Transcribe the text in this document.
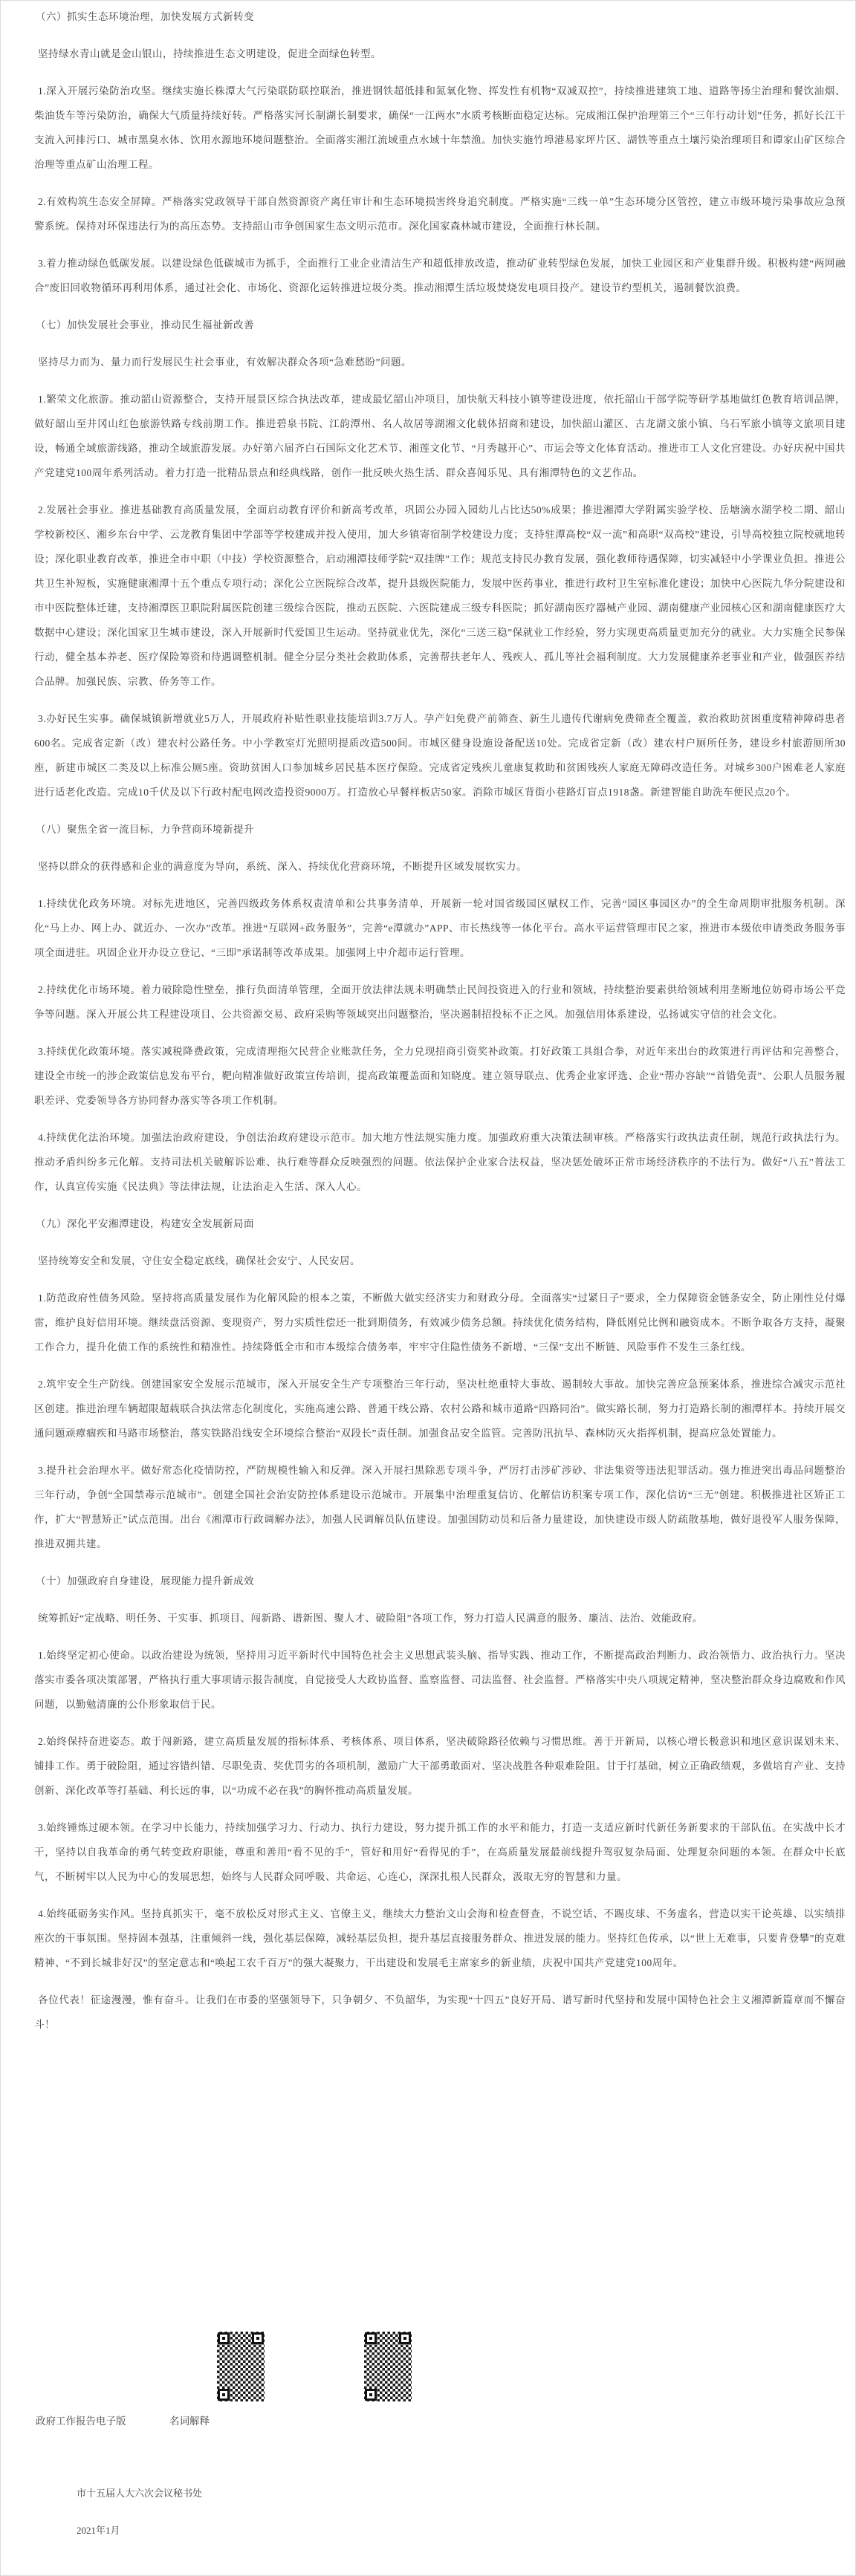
（六）抓实生态环境治理，加快发展方式新转变
坚持绿水青山就是金山银山，持续推进生态文明建设，促进全面绿色转型。
1.深入开展污染防治攻坚。继续实施长株潭大气污染联防联控联治，推进钢铁超低排和氮氧化物、挥发性有机物“双减双控”，持续推进建筑工地、道路等扬尘治理和餐饮油烟、柴油货车等污染防治，确保大气质量持续好转。严格落实河长制湖长制要求，确保“一江两水”水质考核断面稳定达标。完成湘江保护治理第三个“三年行动计划”任务，抓好长江干支流入河排污口、城市黑臭水体、饮用水源地环境问题整治。全面落实湘江流域重点水域十年禁渔。加快实施竹埠港易家坪片区、湖铁等重点土壤污染治理项目和谭家山矿区综合治理等重点矿山治理工程。
2.有效构筑生态安全屏障。严格落实党政领导干部自然资源资产离任审计和生态环境损害终身追究制度。严格实施“三线一单”生态环境分区管控，建立市级环境污染事故应急预警系统。保持对环保违法行为的高压态势。支持韶山市争创国家生态文明示范市。深化国家森林城市建设，全面推行林长制。
3.着力推动绿色低碳发展。以建设绿色低碳城市为抓手，全面推行工业企业清洁生产和超低排放改造，推动矿业转型绿色发展，加快工业园区和产业集群升级。积极构建“两网融合”废旧回收物循环再利用体系，通过社会化、市场化、资源化运转推进垃圾分类。推动湘潭生活垃圾焚烧发电项目投产。建设节约型机关，遏制餐饮浪费。
（七）加快发展社会事业，推动民生福祉新改善
坚持尽力而为、量力而行发展民生社会事业，有效解决群众各项“急难愁盼”问题。
1.繁荣文化旅游。推动韶山资源整合，支持开展景区综合执法改革，建成最忆韶山冲项目，加快航天科技小镇等建设进度，依托韶山干部学院等研学基地做红色教育培训品牌，做好韶山至井冈山红色旅游铁路专线前期工作。推进碧泉书院、江韵潭州、名人故居等湖湘文化载体招商和建设，加快韶山灌区、古龙湖文旅小镇、乌石军旅小镇等文旅项目建设，畅通全域旅游线路，推动全域旅游发展。办好第六届齐白石国际文化艺术节、湘莲文化节、“月秀越开心”、市运会等文化体育活动。推进市工人文化宫建设。办好庆祝中国共产党建党100周年系列活动。着力打造一批精品景点和经典线路，创作一批反映火热生活、群众喜闻乐见、具有湘潭特色的文艺作品。
2.发展社会事业。推进基础教育高质量发展，全面启动教育评价和新高考改革，巩固公办园入园幼儿占比达50%成果；推进湘潭大学附属实验学校、岳塘滴水湖学校二期、韶山学校新校区、湘乡东台中学、云龙教育集团中学部等学校建成并投入使用，加大乡镇寄宿制学校建设力度；支持驻潭高校“双一流”和高职“双高校”建设，引导高校独立院校就地转设；深化职业教育改革，推进全市中职（中技）学校资源整合，启动湘潭技师学院“双挂牌”工作；规范支持民办教育发展，强化教师待遇保障，切实减轻中小学课业负担。推进公共卫生补短板，实施健康湘潭十五个重点专项行动；深化公立医院综合改革，提升县级医院能力，发展中医药事业，推进行政村卫生室标准化建设；加快中心医院九华分院建设和市中医院整体迁建，支持湘潭医卫职院附属医院创建三级综合医院，推动五医院、六医院建成三级专科医院；抓好湖南医疗器械产业园、湖南健康产业园核心区和湖南健康医疗大数据中心建设；深化国家卫生城市建设，深入开展新时代爱国卫生运动。坚持就业优先，深化“三送三稳”保就业工作经验，努力实现更高质量更加充分的就业。大力实施全民参保行动，健全基本养老、医疗保险筹资和待遇调整机制。健全分层分类社会救助体系，完善帮扶老年人、残疾人、孤儿等社会福利制度。大力发展健康养老事业和产业，做强医养结合品牌。加强民族、宗教、侨务等工作。
3.办好民生实事。确保城镇新增就业5万人，开展政府补贴性职业技能培训3.7万人。孕产妇免费产前筛查、新生儿遗传代谢病免费筛查全覆盖，救治救助贫困重度精神障碍患者600名。完成省定新（改）建农村公路任务。中小学教室灯光照明提质改造500间。市城区健身设施设备配送10处。完成省定新（改）建农村户厕所任务，建设乡村旅游厕所30座，新建市城区二类及以上标准公厕5座。资助贫困人口参加城乡居民基本医疗保险。完成省定残疾儿童康复救助和贫困残疾人家庭无障碍改造任务。对城乡300户困难老人家庭进行适老化改造。完成10千伏及以下行政村配电网改造投资9000万。打造放心早餐样板店50家。消除市城区背街小巷路灯盲点1918盏。新建智能自助洗车便民点20个。
（八）聚焦全省一流目标，力争营商环境新提升
坚持以群众的获得感和企业的满意度为导向，系统、深入、持续优化营商环境，不断提升区域发展软实力。
1.持续优化政务环境。对标先进地区，完善四级政务体系权责清单和公共事务清单，开展新一轮对国省级园区赋权工作，完善“园区事园区办”的全生命周期审批服务机制。深化“马上办、网上办、就近办、一次办”改革。推进“互联网+政务服务”，完善“e潭就办”APP、市长热线等一体化平台。高水平运营管理市民之家，推进市本级依申请类政务服务事项全面进驻。巩固企业开办设立登记、“三即”承诺制等改革成果。加强网上中介超市运行管理。
2.持续优化市场环境。着力破除隐性壁垒，推行负面清单管理，全面开放法律法规未明确禁止民间投资进入的行业和领域，持续整治要素供给领域利用垄断地位妨碍市场公平竞争等问题。深入开展公共工程建设项目、公共资源交易、政府采购等领域突出问题整治，坚决遏制招投标不正之风。加强信用体系建设，弘扬诚实守信的社会文化。
3.持续优化政策环境。落实减税降费政策，完成清理拖欠民营企业账款任务，全力兑现招商引资奖补政策。打好政策工具组合拳，对近年来出台的政策进行再评估和完善整合，建设全市统一的涉企政策信息发布平台，靶向精准做好政策宣传培训，提高政策覆盖面和知晓度。建立领导联点、优秀企业家评选、企业“帮办容缺”“首错免责”、公职人员服务履职差评、党委领导各方协同督办落实等各项工作机制。
4.持续优化法治环境。加强法治政府建设，争创法治政府建设示范市。加大地方性法规实施力度。加强政府重大决策法制审核。严格落实行政执法责任制，规范行政执法行为。推动矛盾纠纷多元化解。支持司法机关破解诉讼难、执行难等群众反映强烈的问题。依法保护企业家合法权益，坚决惩处破坏正常市场经济秩序的不法行为。做好“八五”普法工作，认真宣传实施《民法典》等法律法规，让法治走入生活、深入人心。
（九）深化平安湘潭建设，构建安全发展新局面
坚持统筹安全和发展，守住安全稳定底线，确保社会安宁、人民安居。
1.防范政府性债务风险。坚持将高质量发展作为化解风险的根本之策，不断做大做实经济实力和财政分母。全面落实“过紧日子”要求，全力保障资金链条安全，防止刚性兑付爆雷，维护良好信用环境。继续盘活资源、变现资产，努力实质性偿还一批到期债务，有效减少债务总额。持续优化债务结构，降低刚兑比例和融资成本。不断争取各方支持，凝聚工作合力，提升化债工作的系统性和精准性。持续降低全市和市本级综合债务率，牢牢守住隐性债务不新增、“三保”支出不断链、风险事件不发生三条红线。
2.筑牢安全生产防线。创建国家安全发展示范城市，深入开展安全生产专项整治三年行动，坚决杜绝重特大事故、遏制较大事故。加快完善应急预案体系，推进综合减灾示范社区创建。推进治理车辆超限超载联合执法常态化制度化，实施高速公路、普通干线公路、农村公路和城市道路“四路同治”。做实路长制，努力打造路长制的湘潭样本。持续开展交通问题顽瘴痼疾和马路市场整治，落实铁路沿线安全环境综合整治“双段长”责任制。加强食品安全监管。完善防汛抗旱、森林防灭火指挥机制，提高应急处置能力。
3.提升社会治理水平。做好常态化疫情防控，严防规模性输入和反弹。深入开展扫黑除恶专项斗争，严厉打击涉矿涉砂、非法集资等违法犯罪活动。强力推进突出毒品问题整治三年行动，争创“全国禁毒示范城市”。创建全国社会治安防控体系建设示范城市。开展集中治理重复信访、化解信访积案专项工作，深化信访“三无”创建。积极推进社区矫正工作，扩大“智慧矫正”试点范围。出台《湘潭市行政调解办法》，加强人民调解员队伍建设。加强国防动员和后备力量建设，加快建设市级人防疏散基地，做好退役军人服务保障，推进双拥共建。
（十）加强政府自身建设，展现能力提升新成效
统筹抓好“定战略、明任务、干实事、抓项目、闯新路、谱新图、聚人才、破险阻”各项工作，努力打造人民满意的服务、廉洁、法治、效能政府。
1.始终坚定初心使命。以政治建设为统领，坚持用习近平新时代中国特色社会主义思想武装头脑、指导实践、推动工作，不断提高政治判断力、政治领悟力、政治执行力。坚决落实市委各项决策部署，严格执行重大事项请示报告制度，自觉接受人大政协监督、监察监督、司法监督、社会监督。严格落实中央八项规定精神，坚决整治群众身边腐败和作风问题，以勤勉清廉的公仆形象取信于民。
2.始终保持奋进姿态。敢于闯新路，建立高质量发展的指标体系、考核体系、项目体系，坚决破除路径依赖与习惯思维。善于开新局，以核心增长极意识和地区意识谋划未来、铺排工作。勇于破险阻，通过容错纠错、尽职免责、奖优罚劣的各项机制，激励广大干部勇敢面对、坚决战胜各种艰难险阻。甘于打基础，树立正确政绩观，多做培育产业、支持创新、深化改革等打基础、利长远的事，以“功成不必在我”的胸怀推动高质量发展。
3.始终锤炼过硬本领。在学习中长能力，持续加强学习力、行动力、执行力建设，努力提升抓工作的水平和能力，打造一支适应新时代新任务新要求的干部队伍。在实战中长才干，坚持以自我革命的勇气转变政府职能，尊重和善用“看不见的手”，管好和用好“看得见的手”，在高质量发展最前线提升驾驭复杂局面、处理复杂问题的本领。在群众中长底气，不断树牢以人民为中心的发展思想，始终与人民群众同呼吸、共命运、心连心，深深扎根人民群众，汲取无穷的智慧和力量。
4.始终砥砺务实作风。坚持真抓实干，毫不放松反对形式主义、官僚主义，继续大力整治文山会海和检查督查，不说空话、不踢皮球、不务虚名，营造以实干论英雄、以实绩排座次的干事氛围。坚持固本强基，注重倾斜一线，强化基层保障，减轻基层负担，提升基层直接服务群众、推进发展的能力。坚持红色传承，以“世上无难事，只要肯登攀”的克难精神、“不到长城非好汉”的坚定意志和“唤起工农千百万”的强大凝聚力，干出建设和发展毛主席家乡的新业绩，庆祝中国共产党建党100周年。
各位代表！征途漫漫，惟有奋斗。让我们在市委的坚强领导下，只争朝夕、不负韶华，为实现“十四五”良好开局、谱写新时代坚持和发展中国特色社会主义湘潭新篇章而不懈奋斗！
政府工作报告电子版	名词解释
市十五届人大六次会议秘书处
2021年1月
